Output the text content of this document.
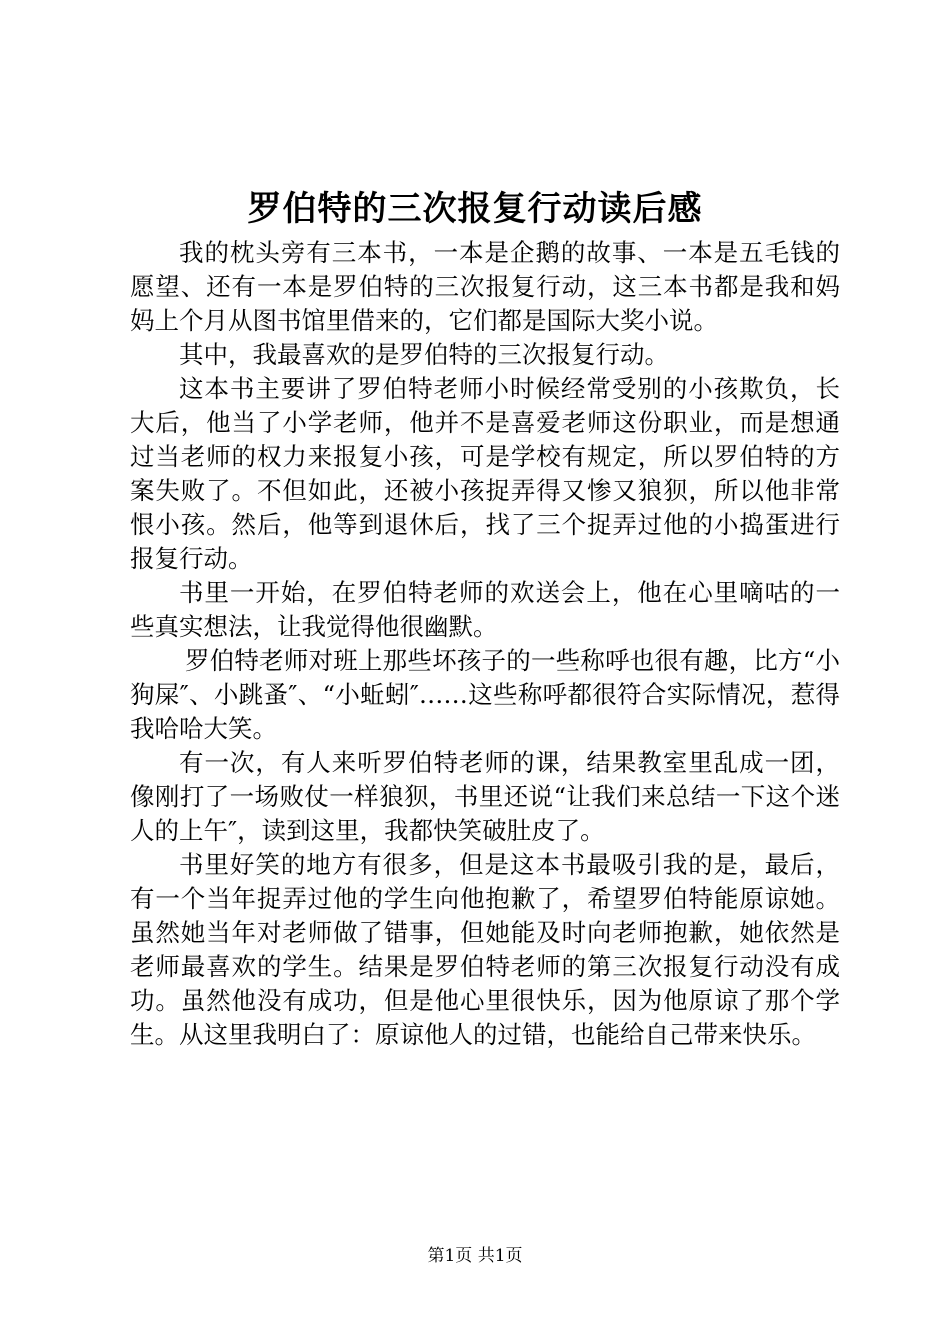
罗伯特的三次报复行动读后感

我的枕头旁有三本书，一本是企鹅的故事、一本是五毛钱的愿望、还有一本是罗伯特的三次报复行动，这三本书都是我和妈妈上个月从图书馆里借来的，它们都是国际大奖小说。

其中，我最喜欢的是罗伯特的三次报复行动。

这本书主要讲了罗伯特老师小时候经常受别的小孩欺负，长大后，他当了小学老师，他并不是喜爱老师这份职业，而是想通过当老师的权力来报复小孩，可是学校有规定，所以罗伯特的方案失败了。不但如此，还被小孩捉弄得又惨又狼狈，所以他非常恨小孩。然后，他等到退休后，找了三个捉弄过他的小捣蛋进行报复行动。

书里一开始，在罗伯特老师的欢送会上，他在心里嘀咕的一些真实想法，让我觉得他很幽默。

罗伯特老师对班上那些坏孩子的一些称呼也很有趣，比方“小狗屎″、小跳蚤″、“小蚯蚓″……这些称呼都很符合实际情况，惹得我哈哈大笑。

有一次，有人来听罗伯特老师的课，结果教室里乱成一团，像刚打了一场败仗一样狼狈，书里还说“让我们来总结一下这个迷人的上午″，读到这里，我都快笑破肚皮了。

书里好笑的地方有很多，但是这本书最吸引我的是，最后，有一个当年捉弄过他的学生向他抱歉了，希望罗伯特能原谅她。虽然她当年对老师做了错事，但她能及时向老师抱歉，她依然是老师最喜欢的学生。结果是罗伯特老师的第三次报复行动没有成功。虽然他没有成功，但是他心里很快乐，因为他原谅了那个学生。从这里我明白了：原谅他人的过错，也能给自己带来快乐。

第1页 共1页
